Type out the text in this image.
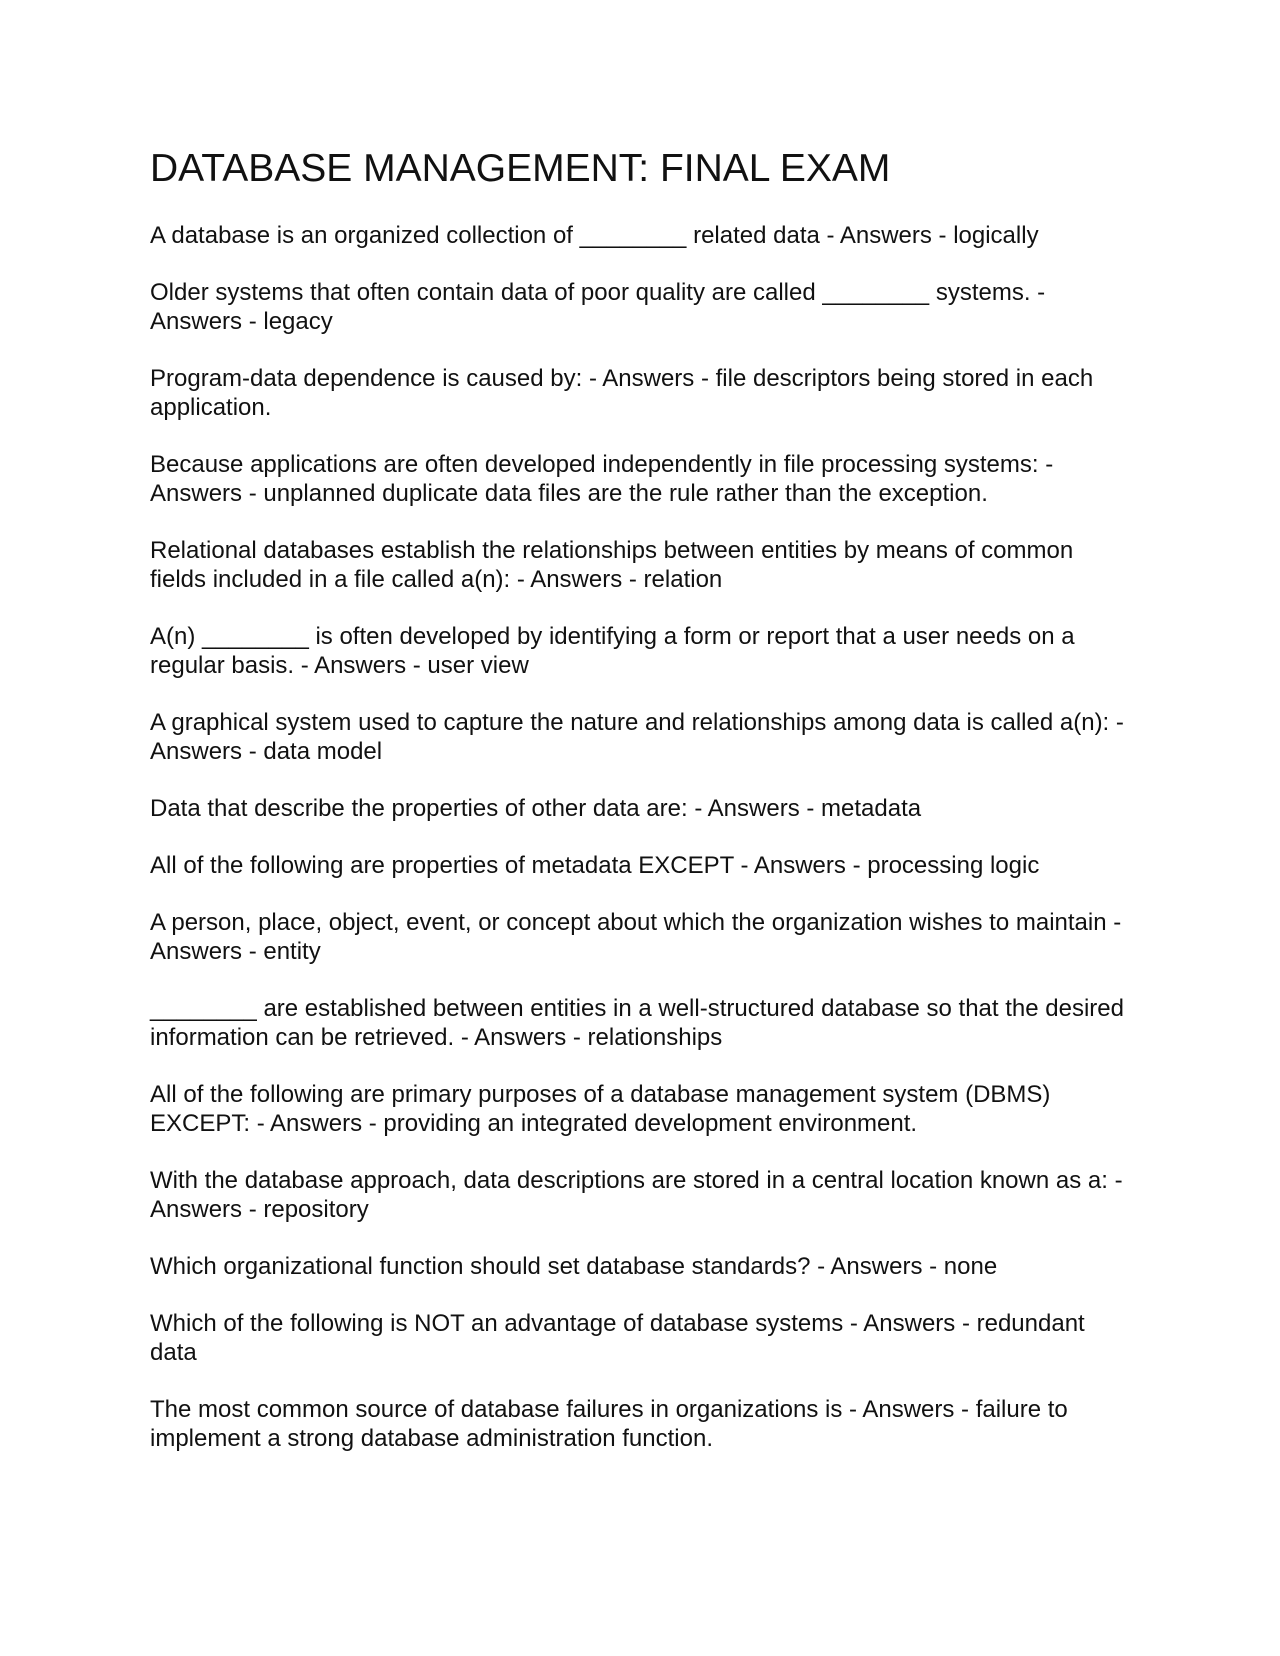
DATABASE MANAGEMENT: FINAL EXAM

A database is an organized collection of ________ related data - Answers - logically

Older systems that often contain data of poor quality are called ________ systems. - Answers - legacy

Program-data dependence is caused by: - Answers - file descriptors being stored in each application.

Because applications are often developed independently in file processing systems: - Answers - unplanned duplicate data files are the rule rather than the exception.

Relational databases establish the relationships between entities by means of common fields included in a file called a(n): - Answers - relation

A(n) ________ is often developed by identifying a form or report that a user needs on a regular basis. - Answers - user view

A graphical system used to capture the nature and relationships among data is called a(n): - Answers - data model

Data that describe the properties of other data are: - Answers - metadata

All of the following are properties of metadata EXCEPT - Answers - processing logic

A person, place, object, event, or concept about which the organization wishes to maintain - Answers - entity

________ are established between entities in a well-structured database so that the desired information can be retrieved. - Answers - relationships

All of the following are primary purposes of a database management system (DBMS) EXCEPT: - Answers - providing an integrated development environment.

With the database approach, data descriptions are stored in a central location known as a: - Answers - repository

Which organizational function should set database standards? - Answers - none

Which of the following is NOT an advantage of database systems - Answers - redundant data

The most common source of database failures in organizations is - Answers - failure to implement a strong database administration function.
